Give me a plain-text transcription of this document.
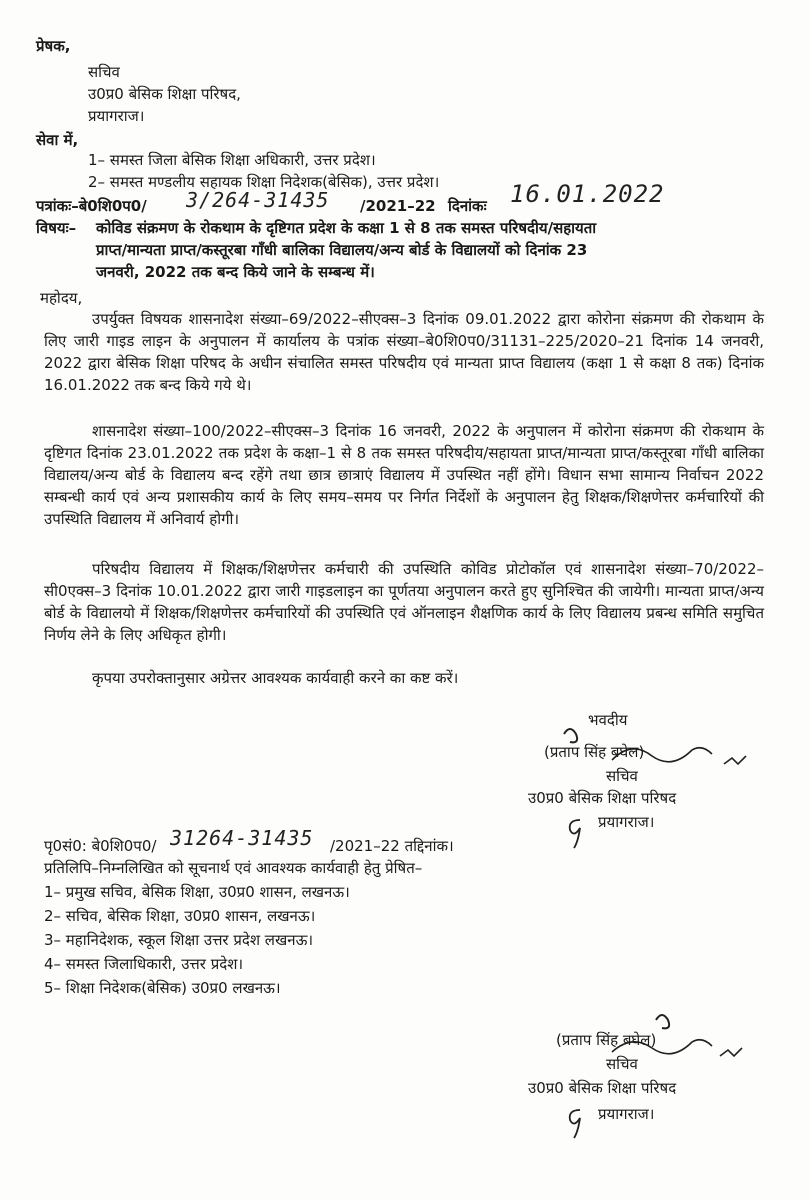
प्रेषक,
सचिव
उ0प्र0 बेसिक शिक्षा परिषद,
प्रयागराज।
सेवा में,
1– समस्त जिला बेसिक शिक्षा अधिकारी, उत्तर प्रदेश।
2– समस्त मण्डलीय सहायक शिक्षा निदेशक(बेसिक), उत्तर प्रदेश।
पत्रांकः–बे0शि0प0/ 3/264-31435 /2021–22 दिनांकः 16.01.2022
विषयः– कोविड संक्रमण के रोकथाम के दृष्टिगत प्रदेश के कक्षा 1 से 8 तक समस्त परिषदीय/सहायता
प्राप्त/मान्यता प्राप्त/कस्तूरबा गाँधी बालिका विद्यालय/अन्य बोर्ड के विद्यालयों को दिनांक 23
जनवरी, 2022 तक बन्द किये जाने के सम्बन्ध में।
महोदय,
उपर्युक्त विषयक शासनादेश संख्या–69/2022–सीएक्स–3 दिनांक 09.01.2022 द्वारा कोरोना संक्रमण की रोकथाम के लिए जारी गाइड लाइन के अनुपालन में कार्यालय के पत्रांक संख्या–बे0शि0प0/31131–225/2020–21 दिनांक 14 जनवरी, 2022 द्वारा बेसिक शिक्षा परिषद के अधीन संचालित समस्त परिषदीय एवं मान्यता प्राप्त विद्यालय (कक्षा 1 से कक्षा 8 तक) दिनांक 16.01.2022 तक बन्द किये गये थे।
शासनादेश संख्या–100/2022–सीएक्स–3 दिनांक 16 जनवरी, 2022 के अनुपालन में कोरोना संक्रमण की रोकथाम के दृष्टिगत दिनांक 23.01.2022 तक प्रदेश के कक्षा–1 से 8 तक समस्त परिषदीय/सहायता प्राप्त/मान्यता प्राप्त/कस्तूरबा गाँधी बालिका विद्यालय/अन्य बोर्ड के विद्यालय बन्द रहेंगे तथा छात्र छात्राएं विद्यालय में उपस्थित नहीं होंगे। विधान सभा सामान्य निर्वाचन 2022 सम्बन्धी कार्य एवं अन्य प्रशासकीय कार्य के लिए समय–समय पर निर्गत निर्देशों के अनुपालन हेतु शिक्षक/शिक्षणेत्तर कर्मचारियों की उपस्थिति विद्यालय में अनिवार्य होगी।
परिषदीय विद्यालय में शिक्षक/शिक्षणेत्तर कर्मचारी की उपस्थिति कोविड प्रोटोकॉल एवं शासनादेश संख्या–70/2022–सी0एक्स–3 दिनांक 10.01.2022 द्वारा जारी गाइडलाइन का पूर्णतया अनुपालन करते हुए सुनिश्चित की जायेगी। मान्यता प्राप्त/अन्य बोर्ड के विद्यालयो में शिक्षक/शिक्षणेत्तर कर्मचारियों की उपस्थिति एवं ऑनलाइन शैक्षणिक कार्य के लिए विद्यालय प्रबन्ध समिति समुचित निर्णय लेने के लिए अधिकृत होगी।
कृपया उपरोक्तानुसार अग्रेत्तर आवश्यक कार्यवाही करने का कष्ट करें।
भवदीय
(प्रताप सिंह बघेल)
सचिव
उ0प्र0 बेसिक शिक्षा परिषद
प्रयागराज।
पृ0सं0: बे0शि0प0/ 31264-31435 /2021–22 तद्दिनांक।
प्रतिलिपि–निम्नलिखित को सूचनार्थ एवं आवश्यक कार्यवाही हेतु प्रेषित–
1– प्रमुख सचिव, बेसिक शिक्षा, उ0प्र0 शासन, लखनऊ।
2– सचिव, बेसिक शिक्षा, उ0प्र0 शासन, लखनऊ।
3– महानिदेशक, स्कूल शिक्षा उत्तर प्रदेश लखनऊ।
4– समस्त जिलाधिकारी, उत्तर प्रदेश।
5– शिक्षा निदेशक(बेसिक) उ0प्र0 लखनऊ।
(प्रताप सिंह बघेल)
सचिव
उ0प्र0 बेसिक शिक्षा परिषद
प्रयागराज।
